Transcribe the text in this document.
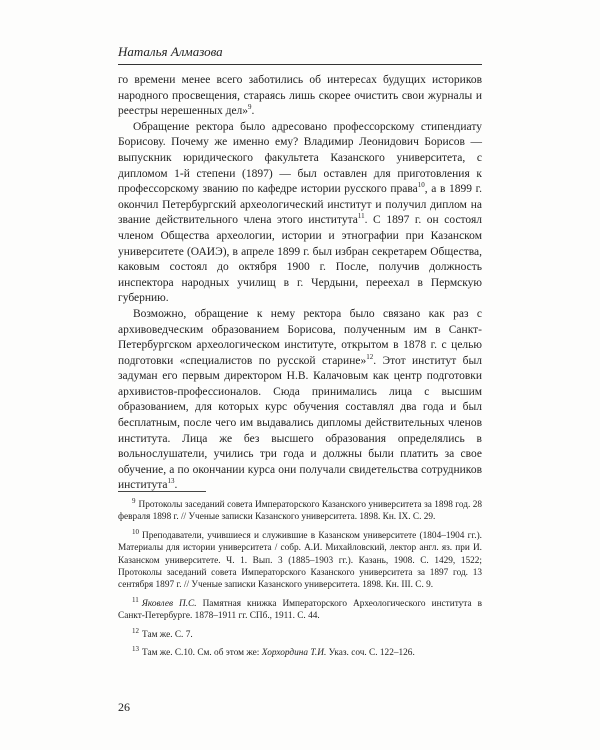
Наталья Алмазова

го времени менее всего заботились об интересах будущих историков народного просвещения, стараясь лишь скорее очистить свои журналы и реестры нерешенных дел»$^9$.

Обращение ректора было адресовано профессорскому стипендиату Борисову. Почему же именно ему? Владимир Леонидович Борисов — выпускник юридического факультета Казанского университета, с дипломом 1-й степени (1897) — был оставлен для приготовления к профессорскому званию по кафедре истории русского права$^{10}$, а в 1899 г. окончил Петербургский археологический институт и получил диплом на звание действительного члена этого института$^{11}$. С 1897 г. он состоял членом Общества археологии, истории и этнографии при Казанском университете (ОАИЭ), в апреле 1899 г. был избран секретарем Общества, каковым состоял до октября 1900 г. После, получив должность инспектора народных училищ в г. Чердыни, переехал в Пермскую губернию.

Возможно, обращение к нему ректора было связано как раз с архивоведческим образованием Борисова, полученным им в Санкт-Петербургском археологическом институте, открытом в 1878 г. с целью подготовки «специалистов по русской старине»$^{12}$. Этот институт был задуман его первым директором Н.В. Калачовым как центр подготовки архивистов-профессионалов. Сюда принимались лица с высшим образованием, для которых курс обучения составлял два года и был бесплатным, после чего им выдавались дипломы действительных членов института. Лица же без высшего образования определялись в вольнослушатели, учились три года и должны были платить за свое обучение, а по окончании курса они получали свидетельства сотрудников института$^{13}$.

$^9$ Протоколы заседаний совета Императорского Казанского университета за 1898 год. 28 февраля 1898 г. // Ученые записки Казанского университета. 1898. Кн. IX. С. 29.

$^{10}$ Преподаватели, учившиеся и служившие в Казанском университете (1804–1904 гг.). Материалы для истории университета / собр. А.И. Михайловский, лектор англ. яз. при И. Казанском университете. Ч. 1. Вып. 3 (1885–1903 гг.). Казань, 1908. С. 1429, 1522; Протоколы заседаний совета Императорского Казанского университета за 1897 год. 13 сентября 1897 г. // Ученые записки Казанского университета. 1898. Кн. III. С. 9.

$^{11}$ Яковлев П.С. Памятная книжка Императорского Археологического института в Санкт-Петербурге. 1878–1911 гг. СПб., 1911. С. 44.

$^{12}$ Там же. С. 7.

$^{13}$ Там же. С.10. См. об этом же: Хорхордина Т.И. Указ. соч. С. 122–126.

26
